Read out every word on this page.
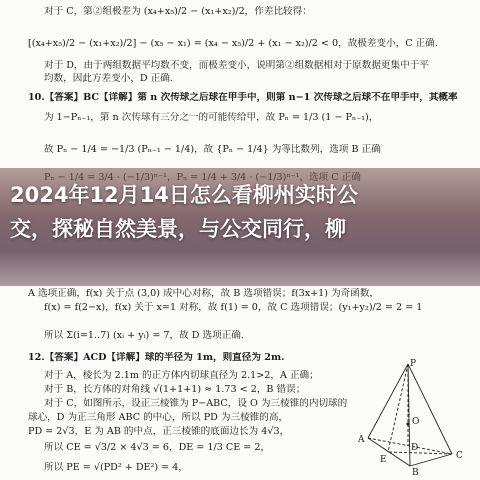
对于 C，第②组极差为 (x₄+x₅)/2 − (x₁+x₂)/2，作差比较得：
[(x₄+x₅)/2 − (x₁+x₂)/2] − (x₅ − x₁) = (x₄ − x₅)/2 + (x₁ − x₂)/2 < 0，故极差变小，C 正确.
对于 D，由于两组数据平均数不变，而极差变小，说明第②组数据相对于原数据更集中于平
均数，因此方差变小，D 正确.
10.【答案】BC【详解】第 n 次传球之后球在甲手中，则第 n−1 次传球之后球不在甲手中，其概率
为 1−Pₙ₋₁，第 n 次传球有三分之一的可能传给甲，故 Pₙ = 1/3 (1 − Pₙ₋₁)，
故 Pₙ − 1/4 = −1/3 (Pₙ₋₁ − 1/4)，故 {Pₙ − 1/4} 为等比数列，选项 B 正确
A 选项正确，f(x) 关于点 (3,0) 成中心对称，故 B 选项错误；f(3x+1) 为奇函数，
f(x) = f(2−x)，f(x) 关于 x=1 对称，故 f(1) = 0，故 C 选项错误；(y₁+y₂)/2 = 2 = 1
所以 Σ(i=1..7) (xᵢ + yᵢ) = 7，故 D 选项正确.
12.【答案】ACD【详解】球的半径为 1m，则直径为 2m.
对于 A，棱长为 2.1m 的正方体内切球直径为 2.1>2，A 正确；
对于 B，长方体的对角线 √(1+1+1) ≈ 1.73 < 2，B 错误；
对于 C，如图所示，设正三棱锥为 P−ABC，设 O 为三棱锥的内切球的
球心，D 为正三角形 ABC 的中心，所以 PD 为三棱锥的高，
PD = 2√3，E 为 AB 的中点，正三棱锥的底面边长为 4√3，
所以 CE = √3/2 × 4√3 = 6，DE = 1/3 CE = 2，
所以 PE = √(PD² + DE²) = 4，
2024年12月14日怎么看柳州实时公
交，探秘自然美景，与公交同行，柳
P
A
B
C
D
E
O
